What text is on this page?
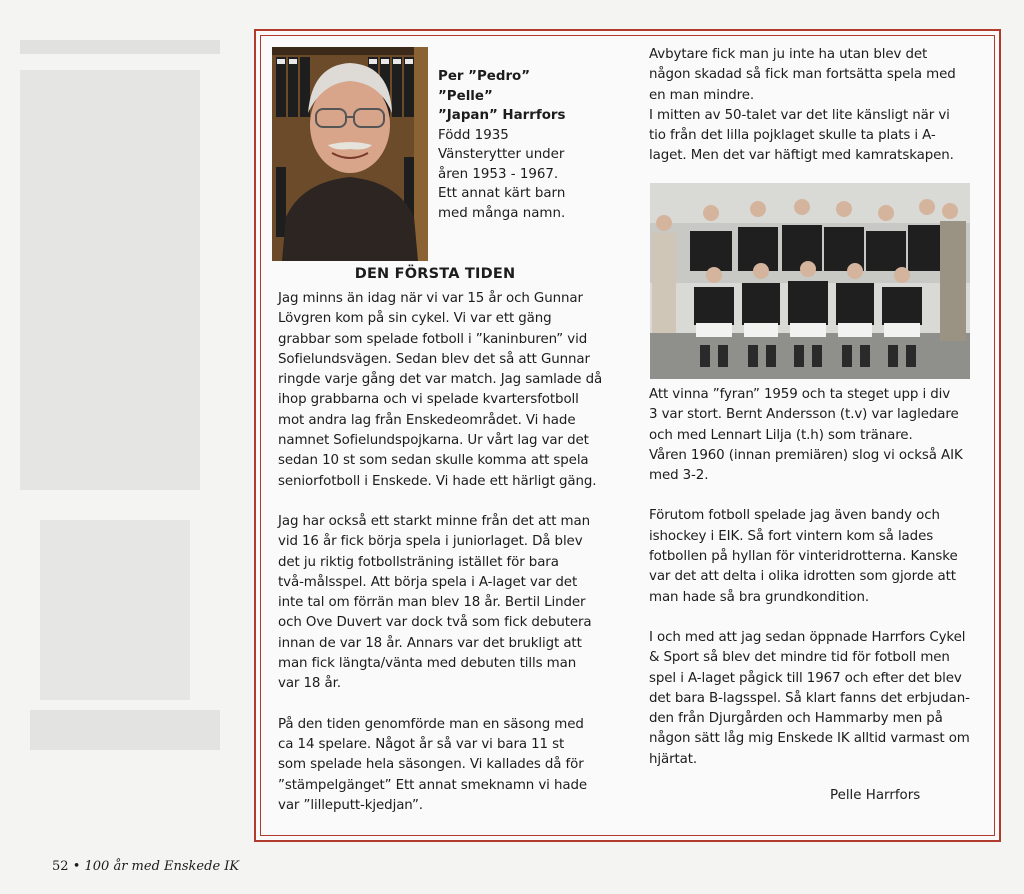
Per ”Pedro” ”Pelle”
”Japan” Harrfors
Född 1935
Vänsterytter under
åren 1953 - 1967.
Ett annat kärt barn
med många namn.
DEN FÖRSTA TIDEN

Jag minns än idag när vi var 15 år och Gunnar

Lövgren kom på sin cykel. Vi var ett gäng

grabbar som spelade fotboll i ”kaninburen” vid

Sofielundsvägen. Sedan blev det så att Gunnar

ringde varje gång det var match. Jag samlade då

ihop grabbarna och vi spelade kvartersfotboll

mot andra lag från Enskedeområdet. Vi hade

namnet Sofielundspojkarna. Ur vårt lag var det

sedan 10 st som sedan skulle komma att spela

seniorfotboll i Enskede. Vi hade ett härligt gäng.

Jag har också ett starkt minne från det att man

vid 16 år fick börja spela i juniorlaget. Då blev

det ju riktig fotbollsträning istället för bara

två-målsspel. Att börja spela i A-laget var det

inte tal om förrän man blev 18 år. Bertil Linder

och Ove Duvert var dock två som fick debutera

innan de var 18 år. Annars var det brukligt att

man fick längta/vänta med debuten tills man

var 18 år.

På den tiden genomförde man en säsong med

ca 14 spelare. Något år så var vi bara 11 st

som spelade hela säsongen. Vi kallades då för

”stämpelgänget” Ett annat smeknamn vi hade

var ”lilleputt-kjedjan”.

Avbytare fick man ju inte ha utan blev det

någon skadad så fick man fortsätta spela med

en man mindre.

I mitten av 50-talet var det lite känsligt när vi

tio från det lilla pojklaget skulle ta plats i A-

laget. Men det var häftigt med kamratskapen.

Att vinna ”fyran” 1959 och ta steget upp i div

3 var stort. Bernt Andersson (t.v) var lagledare

och med Lennart Lilja (t.h) som tränare.

Våren 1960 (innan premiären) slog vi också AIK

med 3-2.

Förutom fotboll spelade jag även bandy och

ishockey i EIK. Så fort vintern kom så lades

fotbollen på hyllan för vinteridrotterna. Kanske

var det att delta i olika idrotten som gjorde att

man hade så bra grundkondition.

I och med att jag sedan öppnade Harrfors Cykel

& Sport så blev det mindre tid för fotboll men

spel i A-laget pågick till 1967 och efter det blev

det bara B-lagsspel. Så klart fanns det erbjudan-

den från Djurgården och Hammarby men på

någon sätt låg mig Enskede IK alltid varmast om

hjärtat.

Pelle Harrfors
52 • 100 år med Enskede IK
